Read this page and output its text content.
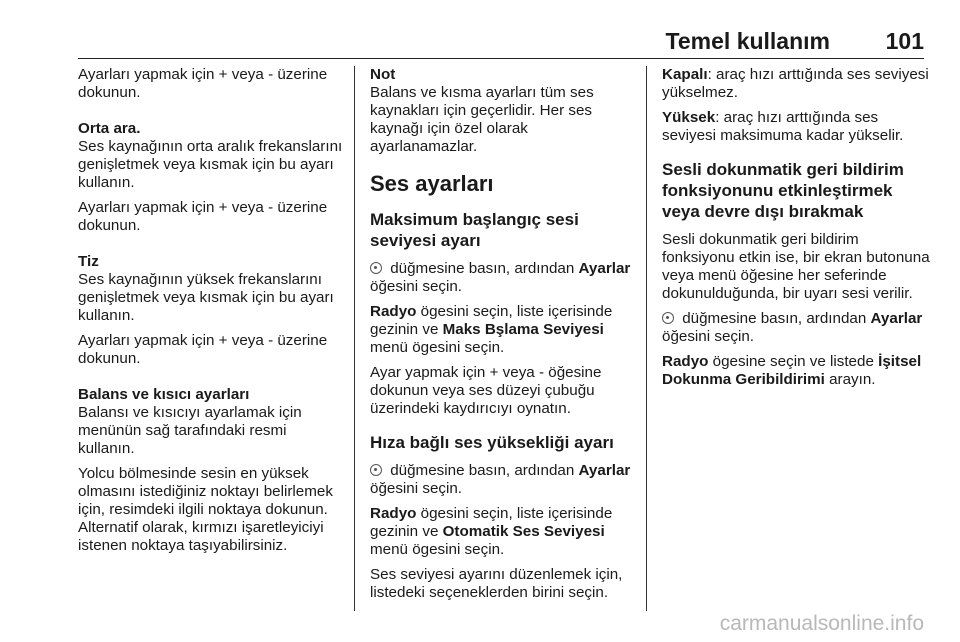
Temel kullanım 101

Ayarları yapmak için + veya - üzerine dokunun.

Orta ara.

Ses kaynağının orta aralık frekanslarını genişletmek veya kısmak için bu ayarı kullanın.

Ayarları yapmak için + veya - üzerine dokunun.

Tiz

Ses kaynağının yüksek frekanslarını genişletmek veya kısmak için bu ayarı kullanın.

Ayarları yapmak için + veya - üzerine dokunun.

Balans ve kısıcı ayarları

Balansı ve kısıcıyı ayarlamak için menünün sağ tarafındaki resmi kullanın.

Yolcu bölmesinde sesin en yüksek olmasını istediğiniz noktayı belirlemek için, resimdeki ilgili noktaya dokunun. Alternatif olarak, kırmızı işaretleyiciyi istenen noktaya taşıyabilirsiniz.

Not

Balans ve kısma ayarları tüm ses kaynakları için geçerlidir. Her ses kaynağı için özel olarak ayarlanamazlar.

Ses ayarları
Maksimum başlangıç sesi seviyesi ayarı

düğmesine basın, ardından Ayarlar öğesini seçin.

Radyo ögesini seçin, liste içerisinde gezinin ve Maks Bşlama Seviyesi menü ögesini seçin.

Ayar yapmak için + veya - öğesine dokunun veya ses düzeyi çubuğu üzerindeki kaydırıcıyı oynatın.

Hıza bağlı ses yüksekliği ayarı

düğmesine basın, ardından Ayarlar öğesini seçin.

Radyo ögesini seçin, liste içerisinde gezinin ve Otomatik Ses Seviyesi menü ögesini seçin.

Ses seviyesi ayarını düzenlemek için, listedeki seçeneklerden birini seçin.

Kapalı: araç hızı arttığında ses seviyesi yükselmez.

Yüksek: araç hızı arttığında ses seviyesi maksimuma kadar yükselir.

Sesli dokunmatik geri bildirim fonksiyonunu etkinleştirmek veya devre dışı bırakmak

Sesli dokunmatik geri bildirim fonksiyonu etkin ise, bir ekran butonuna veya menü öğesine her seferinde dokunulduğunda, bir uyarı sesi verilir.

düğmesine basın, ardından Ayarlar öğesini seçin.

Radyo ögesine seçin ve listede İşitsel Dokunma Geribildirimi arayın.

carmanualsonline.info
